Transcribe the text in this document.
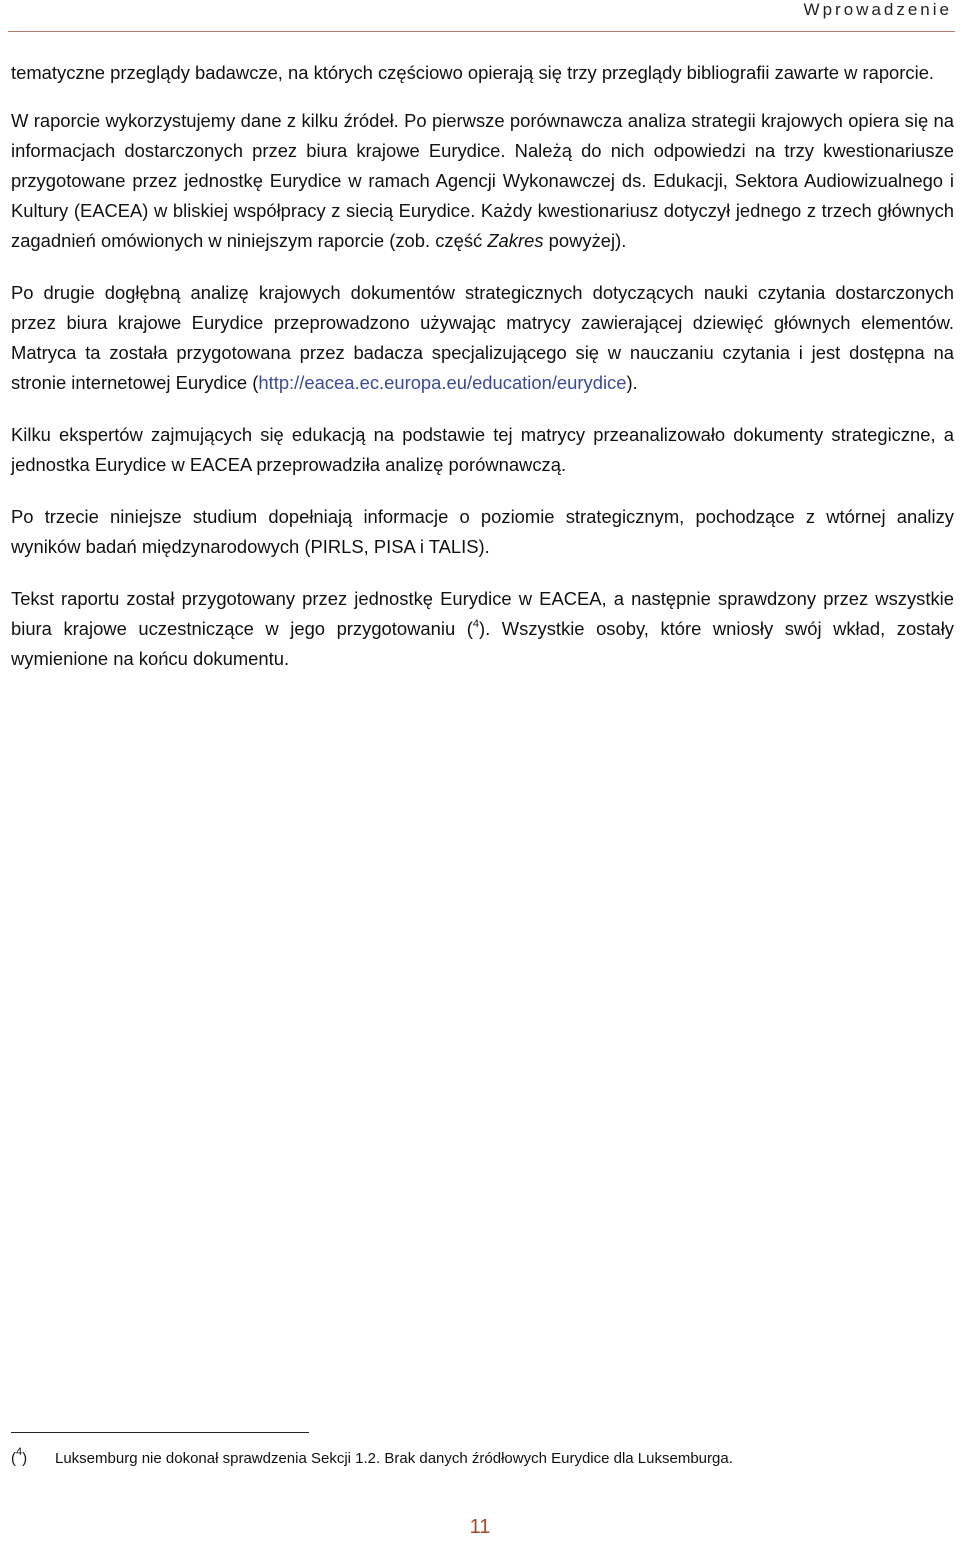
Wprowadzenie

tematyczne przeglądy badawcze, na których częściowo opierają się trzy przeglądy bibliografii zawarte w raporcie.

W raporcie wykorzystujemy dane z kilku źródeł. Po pierwsze porównawcza analiza strategii krajowych opiera się na informacjach dostarczonych przez biura krajowe Eurydice. Należą do nich odpowiedzi na trzy kwestionariusze przygotowane przez jednostkę Eurydice w ramach Agencji Wykonawczej ds. Edukacji, Sektora Audiowizualnego i Kultury (EACEA) w bliskiej współpracy z siecią Eurydice. Każdy kwestionariusz dotyczył jednego z trzech głównych zagadnień omówionych w niniejszym raporcie (zob. część Zakres powyżej).

Po drugie dogłębną analizę krajowych dokumentów strategicznych dotyczących nauki czytania dostarczonych przez biura krajowe Eurydice przeprowadzono używając matrycy zawierającej dziewięć głównych elementów. Matryca ta została przygotowana przez badacza specjalizującego się w nauczaniu czytania i jest dostępna na stronie internetowej Eurydice (http://eacea.ec.europa.eu/education/eurydice).

Kilku ekspertów zajmujących się edukacją na podstawie tej matrycy przeanalizowało dokumenty strategiczne, a jednostka Eurydice w EACEA przeprowadziła analizę porównawczą.

Po trzecie niniejsze studium dopełniają informacje o poziomie strategicznym, pochodzące z wtórnej analizy wyników badań międzynarodowych (PIRLS, PISA i TALIS).

Tekst raportu został przygotowany przez jednostkę Eurydice w EACEA, a następnie sprawdzony przez wszystkie biura krajowe uczestniczące w jego przygotowaniu ($^4$). Wszystkie osoby, które wniosły swój wkład, zostały wymienione na końcu dokumentu.

($^4$) Luksemburg nie dokonał sprawdzenia Sekcji 1.2. Brak danych źródłowych Eurydice dla Luksemburga.
11
